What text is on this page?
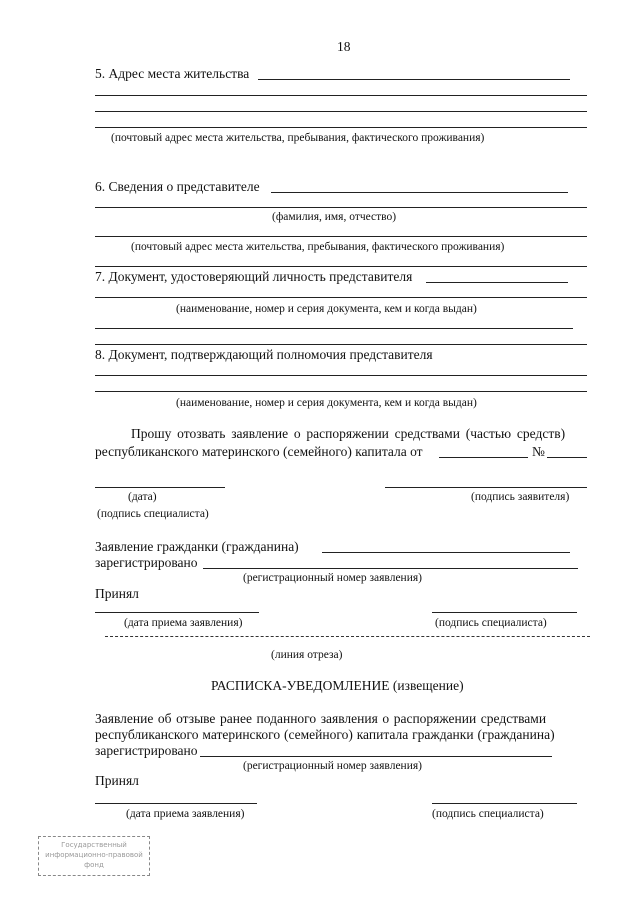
18
5. Адрес места жительства
(почтовый адрес места жительства, пребывания, фактического проживания)
6. Сведения о представителе
(фамилия, имя, отчество)
(почтовый адрес места жительства, пребывания, фактического проживания)
7. Документ, удостоверяющий личность представителя
(наименование, номер и серия документа, кем и когда выдан)
8. Документ, подтверждающий полномочия представителя
(наименование, номер и серия документа, кем и когда выдан)
Прошу отозвать заявление о распоряжении средствами (частью средств)
республиканского материнского (семейного) капитала от	№
(дата)	(подпись заявителя)
(подпись специалиста)
Заявление гражданки (гражданина)
зарегистрировано
(регистрационный номер заявления)
Принял
(дата приема заявления)	(подпись специалиста)
(линия отреза)
РАСПИСКА-УВЕДОМЛЕНИЕ (извещение)
Заявление об отзыве ранее поданного заявления о распоряжении средствами
республиканского материнского (семейного) капитала гражданки (гражданина)
зарегистрировано
(регистрационный номер заявления)
Принял
(дата приема заявления)	(подпись специалиста)
Государственный
информационно-правовой
фонд
